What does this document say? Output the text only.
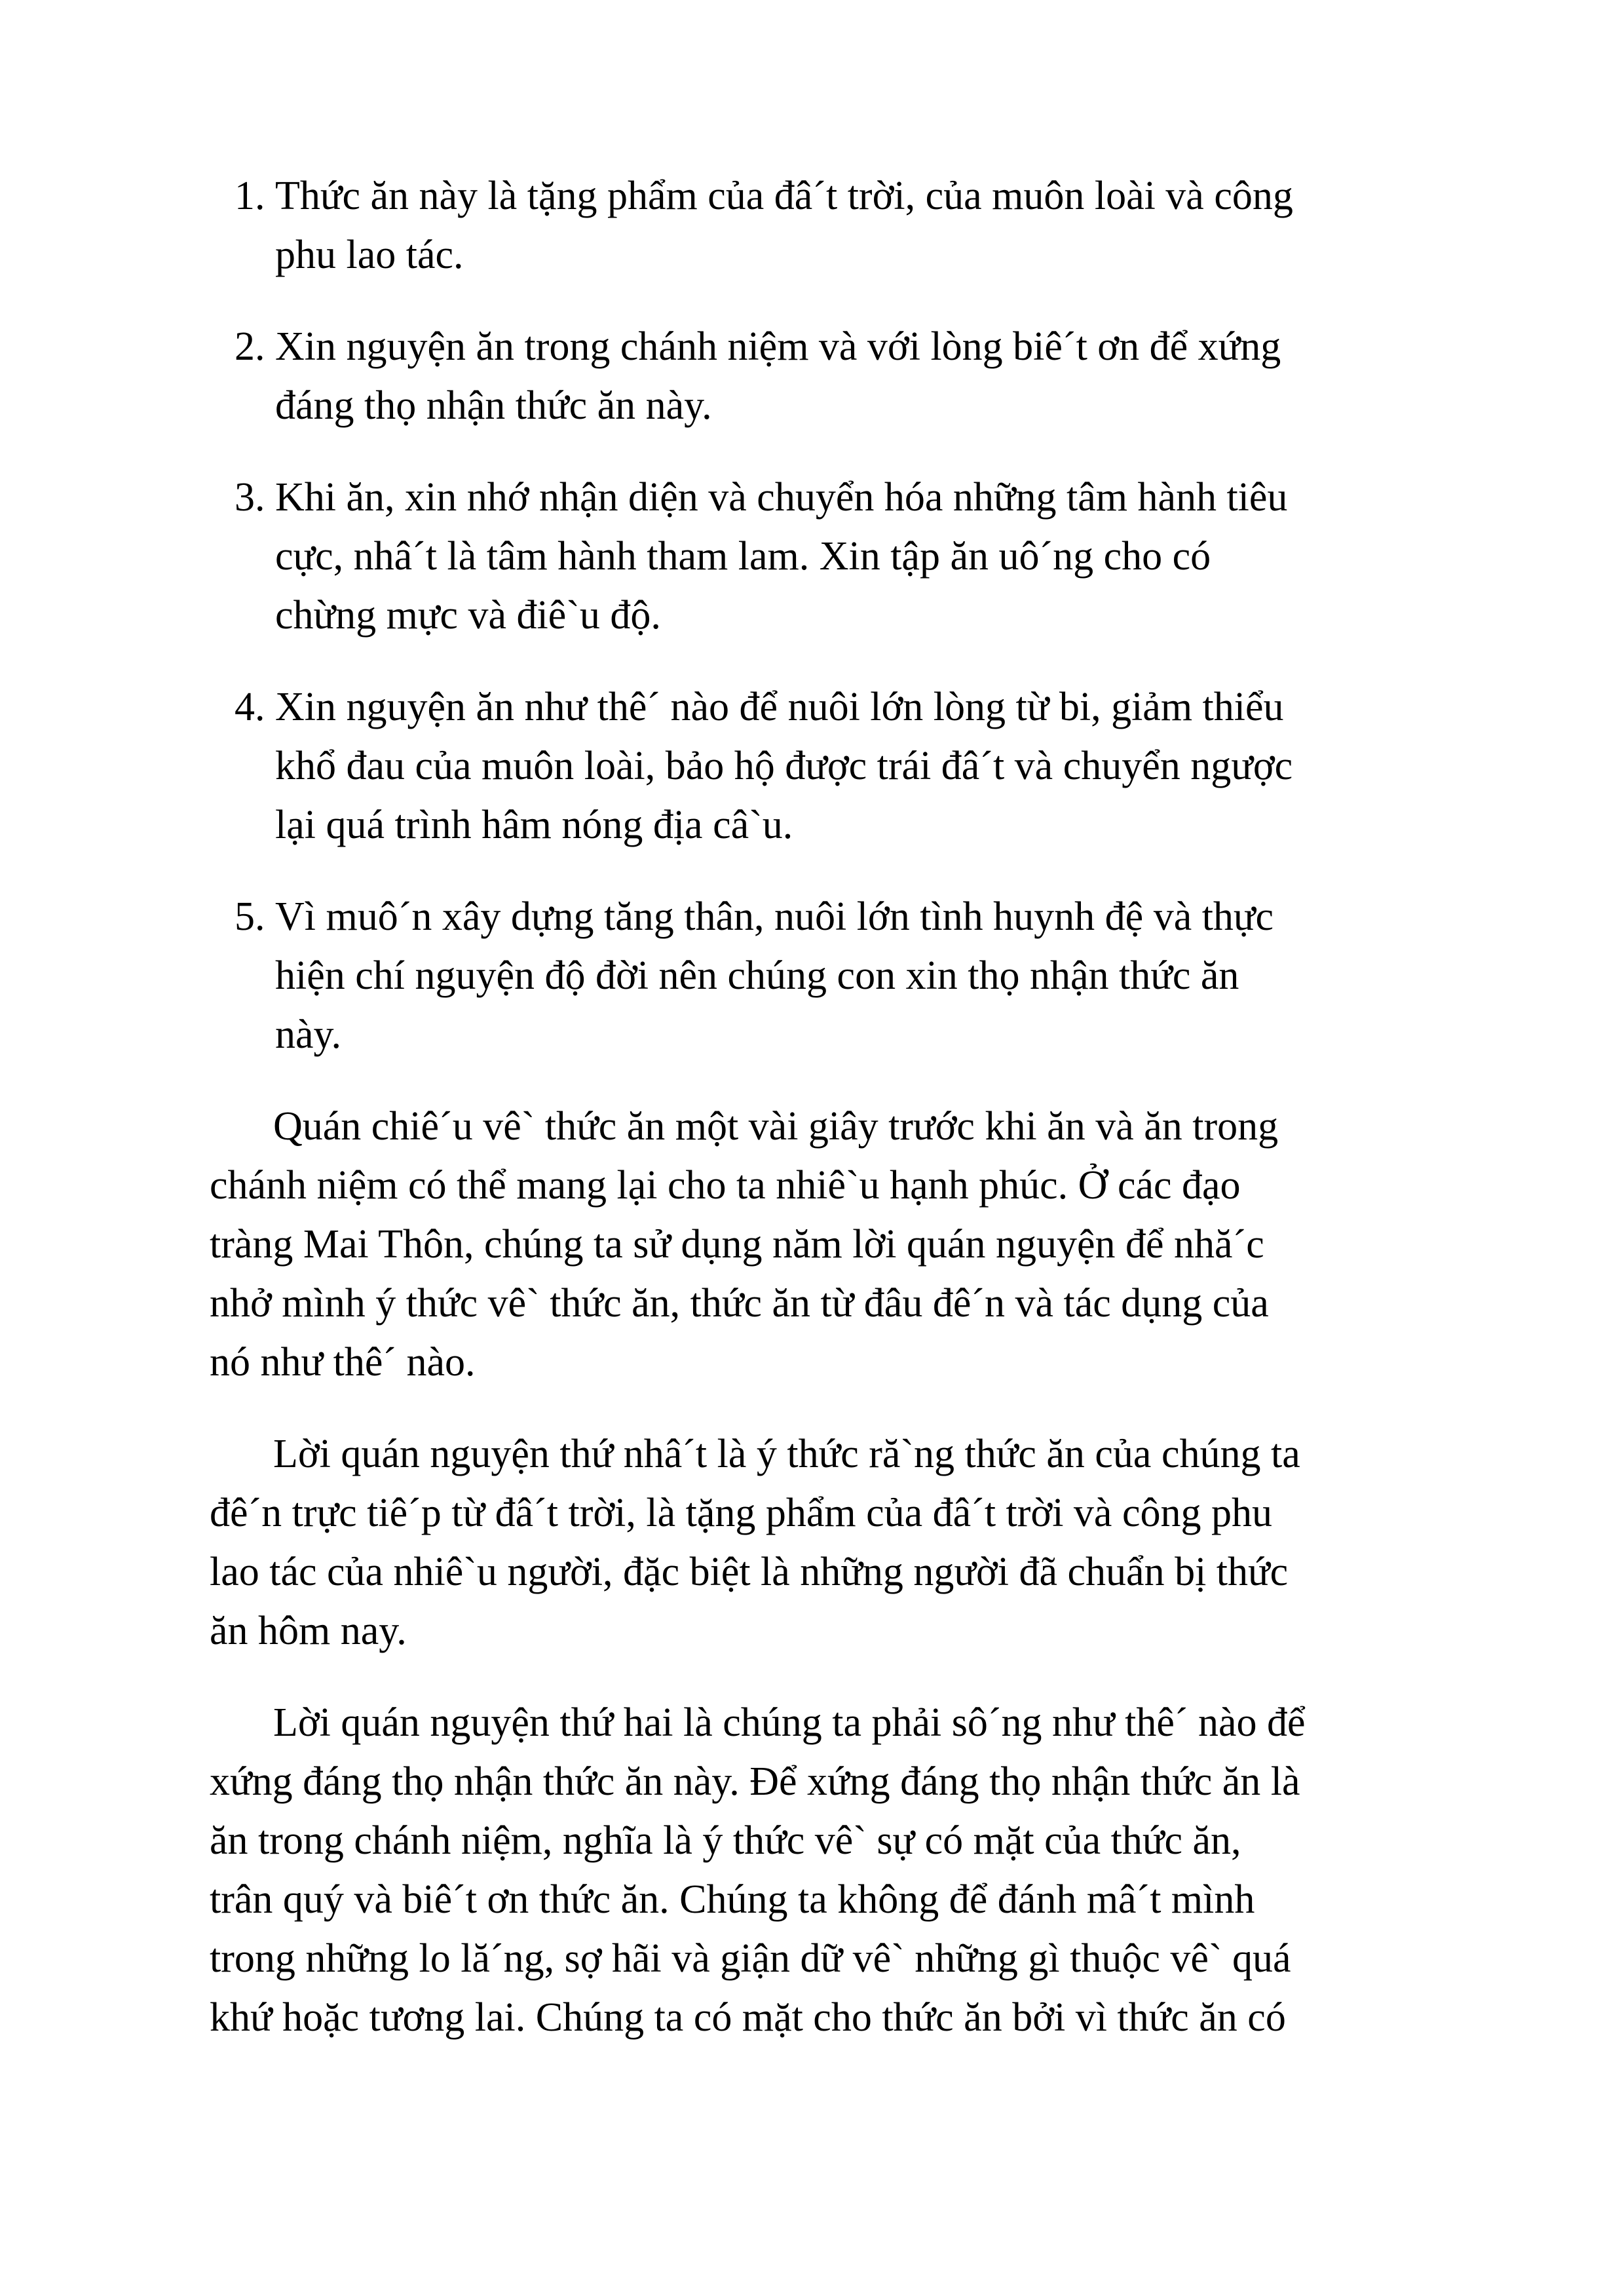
1. Thức ăn này là tặng phẩm của đâ´t trời, của muôn loài và công
phu lao tác.
2. Xin nguyện ăn trong chánh niệm và với lòng biê´t ơn để xứng
đáng thọ nhận thức ăn này.
3. Khi ăn, xin nhớ nhận diện và chuyển hóa những tâm hành tiêu
cực, nhâ´t là tâm hành tham lam. Xin tập ăn uô´ng cho có
chừng mực và điê`u độ.
4. Xin nguyện ăn như thê´ nào để nuôi lớn lòng từ bi, giảm thiểu
khổ đau của muôn loài, bảo hộ được trái đâ´t và chuyển ngược
lại quá trình hâm nóng địa câ`u.
5. Vì muô´n xây dựng tăng thân, nuôi lớn tình huynh đệ và thực
hiện chí nguyện độ đời nên chúng con xin thọ nhận thức ăn
này.
Quán chiê´u vê` thức ăn một vài giây trước khi ăn và ăn trong
chánh niệm có thể mang lại cho ta nhiê`u hạnh phúc. Ở các đạo
tràng Mai Thôn, chúng ta sử dụng năm lời quán nguyện để nhă´c
nhở mình ý thức vê` thức ăn, thức ăn từ đâu đê´n và tác dụng của
nó như thê´ nào.
Lời quán nguyện thứ nhâ´t là ý thức ră`ng thức ăn của chúng ta
đê´n trực tiê´p từ đâ´t trời, là tặng phẩm của đâ´t trời và công phu
lao tác của nhiê`u người, đặc biệt là những người đã chuẩn bị thức
ăn hôm nay.
Lời quán nguyện thứ hai là chúng ta phải sô´ng như thê´ nào để
xứng đáng thọ nhận thức ăn này. Để xứng đáng thọ nhận thức ăn là
ăn trong chánh niệm, nghĩa là ý thức vê` sự có mặt của thức ăn,
trân quý và biê´t ơn thức ăn. Chúng ta không để đánh mâ´t mình
trong những lo lă´ng, sợ hãi và giận dữ vê` những gì thuộc vê` quá
khứ hoặc tương lai. Chúng ta có mặt cho thức ăn bởi vì thức ăn có
